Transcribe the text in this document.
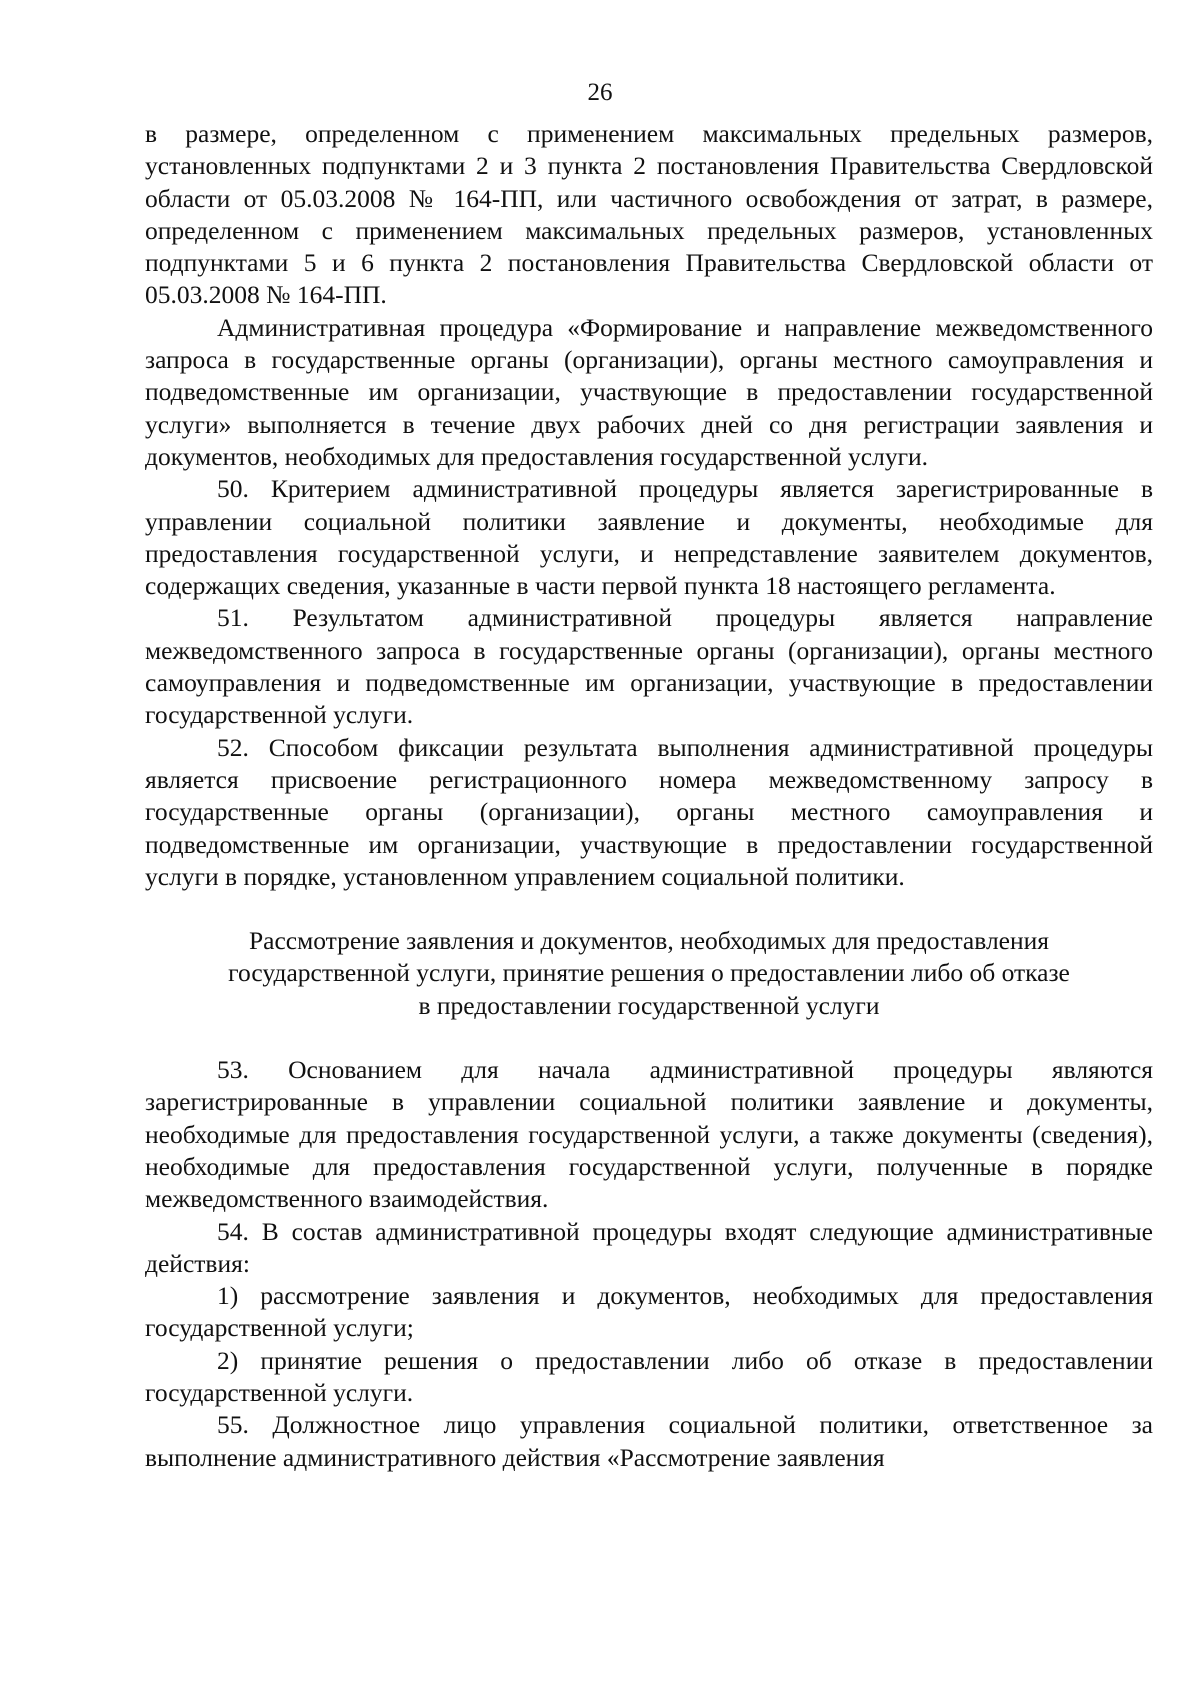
26

в размере, определенном с применением максимальных предельных размеров, установленных подпунктами 2 и 3 пункта 2 постановления Правительства Свердловской области от 05.03.2008 № 164-ПП, или частичного освобождения от затрат, в размере, определенном с применением максимальных предельных размеров, установленных подпунктами 5 и 6 пункта 2 постановления Правительства Свердловской области от 05.03.2008 № 164-ПП.

Административная процедура «Формирование и направление межведомственного запроса в государственные органы (организации), органы местного самоуправления и подведомственные им организации, участвующие в предоставлении государственной услуги» выполняется в течение двух рабочих дней со дня регистрации заявления и документов, необходимых для предоставления государственной услуги.

50. Критерием административной процедуры является зарегистрированные в управлении социальной политики заявление и документы, необходимые для предоставления государственной услуги, и непредставление заявителем документов, содержащих сведения, указанные в части первой пункта 18 настоящего регламента.

51. Результатом административной процедуры является направление межведомственного запроса в государственные органы (организации), органы местного самоуправления и подведомственные им организации, участвующие в предоставлении государственной услуги.

52. Способом фиксации результата выполнения административной процедуры является присвоение регистрационного номера межведомственному запросу в государственные органы (организации), органы местного самоуправления и подведомственные им организации, участвующие в предоставлении государственной услуги в порядке, установленном управлением социальной политики.

Рассмотрение заявления и документов, необходимых для предоставления
государственной услуги, принятие решения о предоставлении либо об отказе
в предоставлении государственной услуги

53. Основанием для начала административной процедуры являются зарегистрированные в управлении социальной политики заявление и документы, необходимые для предоставления государственной услуги, а также документы (сведения), необходимые для предоставления государственной услуги, полученные в порядке межведомственного взаимодействия.

54. В состав административной процедуры входят следующие административные действия:

1) рассмотрение заявления и документов, необходимых для предоставления государственной услуги;

2) принятие решения о предоставлении либо об отказе в предоставлении государственной услуги.

55. Должностное лицо управления социальной политики, ответственное за выполнение административного действия «Рассмотрение заявления
